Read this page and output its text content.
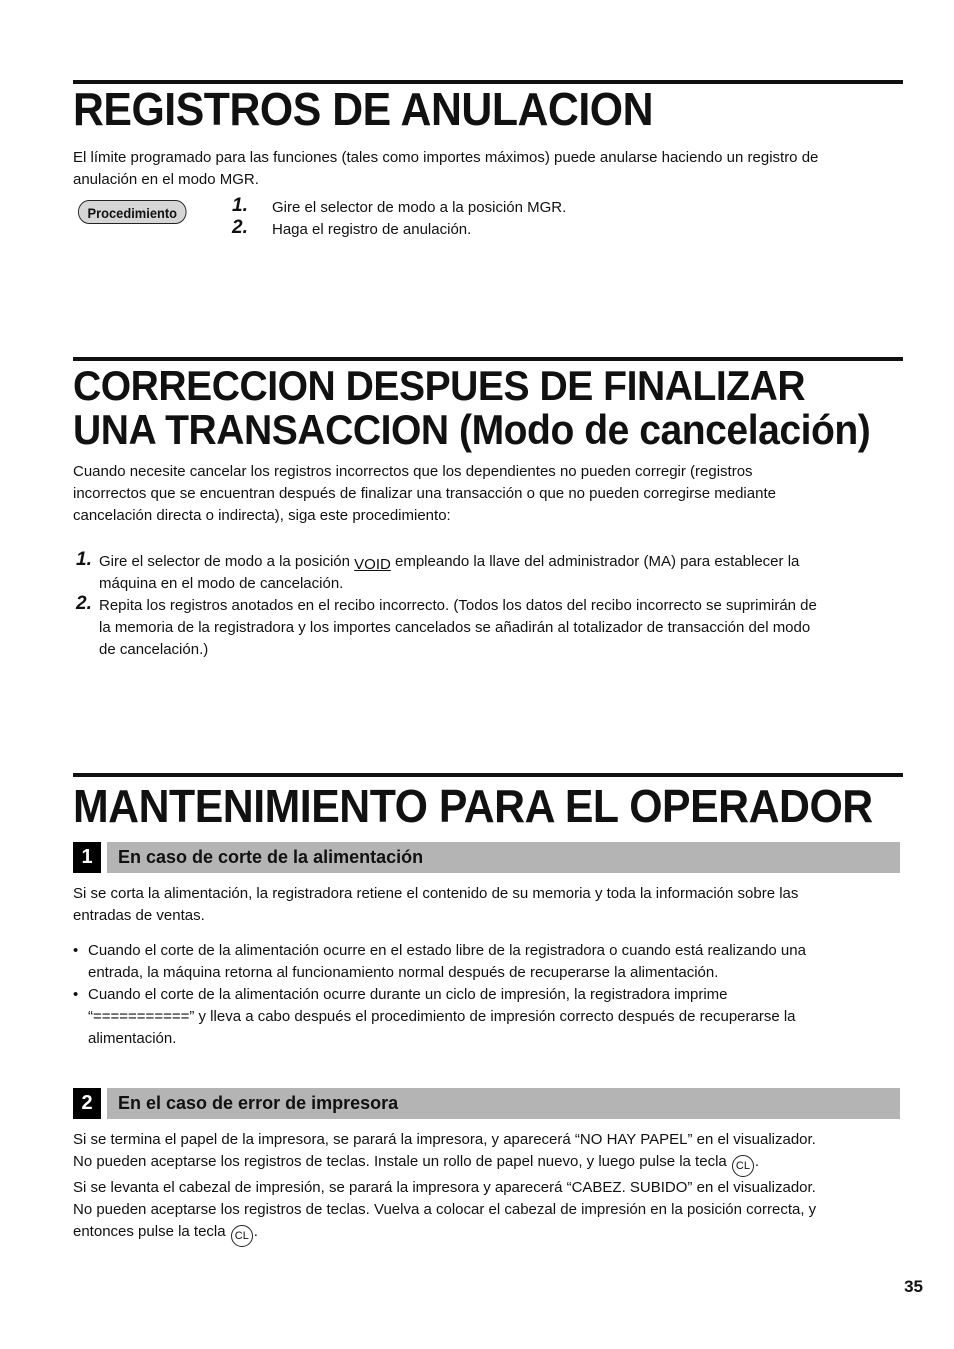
REGISTROS DE ANULACION

El límite programado para las funciones (tales como importes máximos) puede anularse haciendo un registro de
anulación en el modo MGR.

Procedimiento	1. Gire el selector de modo a la posición MGR.
2. Haga el registro de anulación.
CORRECCION DESPUES DE FINALIZAR
UNA TRANSACCION (Modo de cancelación)

Cuando necesite cancelar los registros incorrectos que los dependientes no pueden corregir (registros
incorrectos que se encuentran después de finalizar una transacción o que no pueden corregirse mediante
cancelación directa o indirecta), siga este procedimiento:

1. Gire el selector de modo a la posición VOID empleando la llave del administrador (MA) para establecer la
máquina en el modo de cancelación.

2. Repita los registros anotados en el recibo incorrecto. (Todos los datos del recibo incorrecto se suprimirán de
la memoria de la registradora y los importes cancelados se añadirán al totalizador de transacción del modo
de cancelación.)

MANTENIMIENTO PARA EL OPERADOR
1	En caso de corte de la alimentación

Si se corta la alimentación, la registradora retiene el contenido de su memoria y toda la información sobre las
entradas de ventas.

• Cuando el corte de la alimentación ocurre en el estado libre de la registradora o cuando está realizando una
entrada, la máquina retorna al funcionamiento normal después de recuperarse la alimentación.

• Cuando el corte de la alimentación ocurre durante un ciclo de impresión, la registradora imprime
“===========” y lleva a cabo después el procedimiento de impresión correcto después de recuperarse la
alimentación.

2	En el caso de error de impresora

Si se termina el papel de la impresora, se parará la impresora, y aparecerá “NO HAY PAPEL” en el visualizador.
No pueden aceptarse los registros de teclas. Instale un rollo de papel nuevo, y luego pulse la tecla CL .
Si se levanta el cabezal de impresión, se parará la impresora y aparecerá “CABEZ. SUBIDO” en el visualizador.
No pueden aceptarse los registros de teclas. Vuelva a colocar el cabezal de impresión en la posición correcta, y
entonces pulse la tecla CL .

35
